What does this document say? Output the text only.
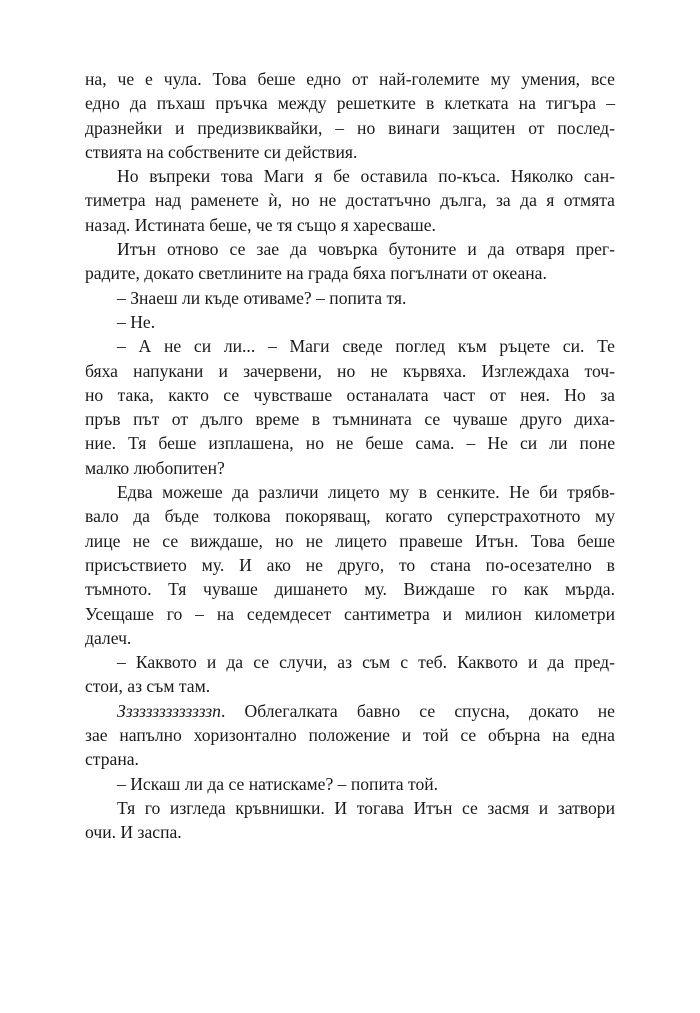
на, че е чула. Това беше едно от най-големите му умения, все
едно да пъхаш пръчка между решетките в клетката на тигъра –
дразнейки и предизвиквайки, – но винаги защитен от послед-
ствията на собствените си действия.
Но въпреки това Маги я бе оставила по-къса. Няколко сан-
тиметра над раменете ѝ, но не достатъчно дълга, за да я отмята
назад. Истината беше, че тя също я харесваше.
Итън отново се зае да човърка бутоните и да отваря прег-
радите, докато светлините на града бяха погълнати от океана.
– Знаеш ли къде отиваме? – попита тя.
– Не.
– А не си ли... – Маги сведе поглед към ръцете си. Те
бяха напукани и зачервени, но не кървяха. Изглеждаха точ-
но така, както се чувстваше останалата част от нея. Но за
пръв път от дълго време в тъмнината се чуваше друго диха-
ние. Тя беше изплашена, но не беше сама. – Не си ли поне
малко любопитен?
Едва можеше да различи лицето му в сенките. Не би трябв-
вало да бъде толкова покоряващ, когато суперстрахотното му
лице не се виждаше, но не лицето правеше Итън. Това беше
присъствието му. И ако не друго, то стана по-осезателно в
тъмното. Тя чуваше дишането му. Виждаше го как мърда.
Усещаше го – на седемдесет сантиметра и милион километри
далеч.
– Каквото и да се случи, аз съм с теб. Каквото и да пред-
стои, аз съм там.
Ззззззззззззззп. Облегалката бавно се спусна, докато не
зае напълно хоризонтално положение и той се обърна на една
страна.
– Искаш ли да се натискаме? – попита той.
Тя го изгледа кръвнишки. И тогава Итън се засмя и затвори
очи. И заспа.
